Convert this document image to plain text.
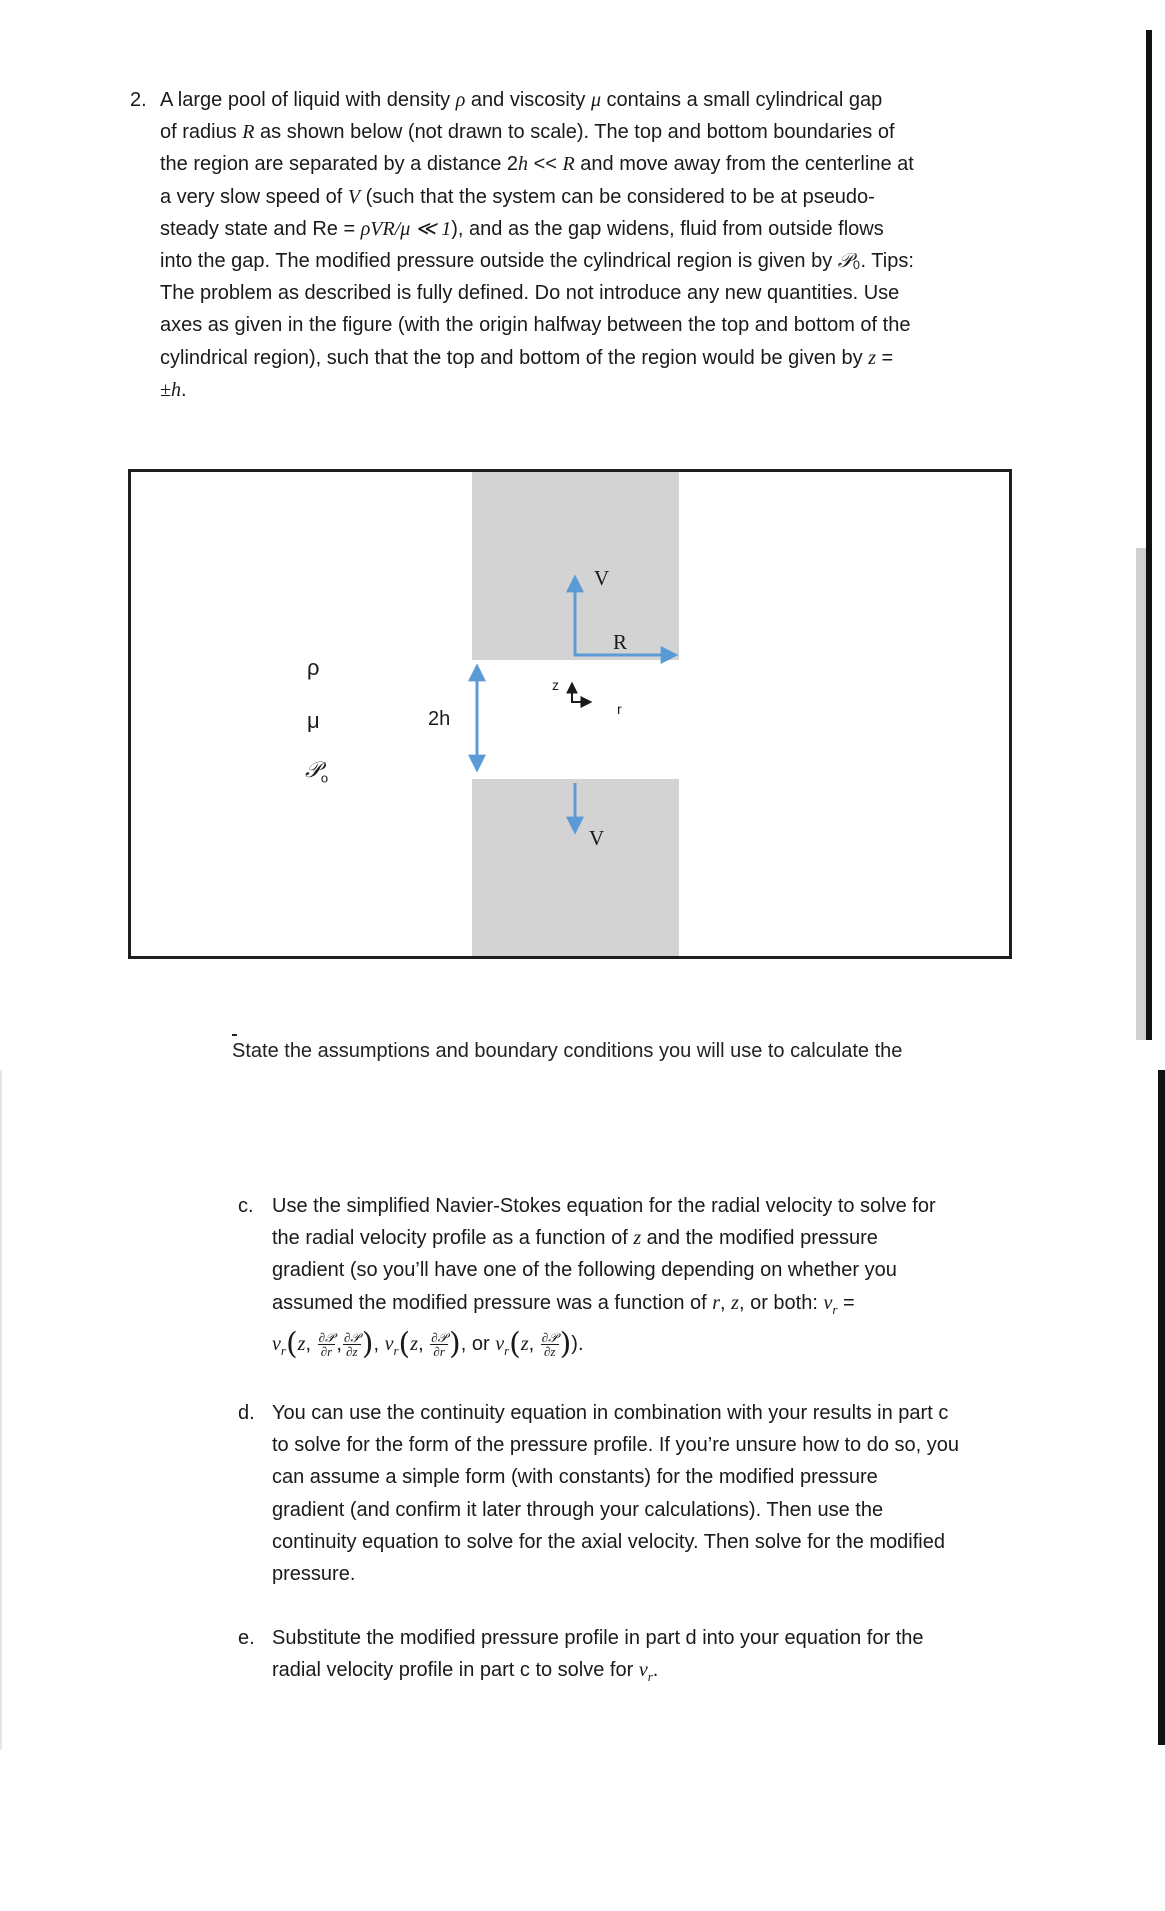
2. A large pool of liquid with density ρ and viscosity μ contains a small cylindrical gap
of radius R as shown below (not drawn to scale). The top and bottom boundaries of
the region are separated by a distance 2h << R and move away from the centerline at
a very slow speed of V (such that the system can be considered to be at pseudo-
steady state and Re = ρVR/μ ≪ 1), and as the gap widens, fluid from outside flows
into the gap. The modified pressure outside the cylindrical region is given by 𝒫₀. Tips:
The problem as described is fully defined. Do not introduce any new quantities. Use
axes as given in the figure (with the origin halfway between the top and bottom of the
cylindrical region), such that the top and bottom of the region would be given by z =
±h.
V
R
z
r
V
2h
ρ
μ
𝒫$_o$
State the assumptions and boundary conditions you will use to calculate the
c. Use the simplified Navier-Stokes equation for the radial velocity to solve for
the radial velocity profile as a function of z and the modified pressure
gradient (so you’ll have one of the following depending on whether you
assumed the modified pressure was a function of r, z, or both: $v_r$ =
$v_r(z$, $\frac{\text{∂𝒫}}{\partial r}$ , $\frac{\text{∂𝒫}}{\partial z}$ ), $v_r(z$, $\frac{\text{∂𝒫}}{\partial r}$ ), or $v_r(z$, $\frac{\text{∂𝒫}}{\partial z}$ )).
d. You can use the continuity equation in combination with your results in part c
to solve for the form of the pressure profile. If you’re unsure how to do so, you
can assume a simple form (with constants) for the modified pressure
gradient (and confirm it later through your calculations). Then use the
continuity equation to solve for the axial velocity. Then solve for the modified
pressure.
e. Substitute the modified pressure profile in part d into your equation for the
radial velocity profile in part c to solve for $v_r$.
